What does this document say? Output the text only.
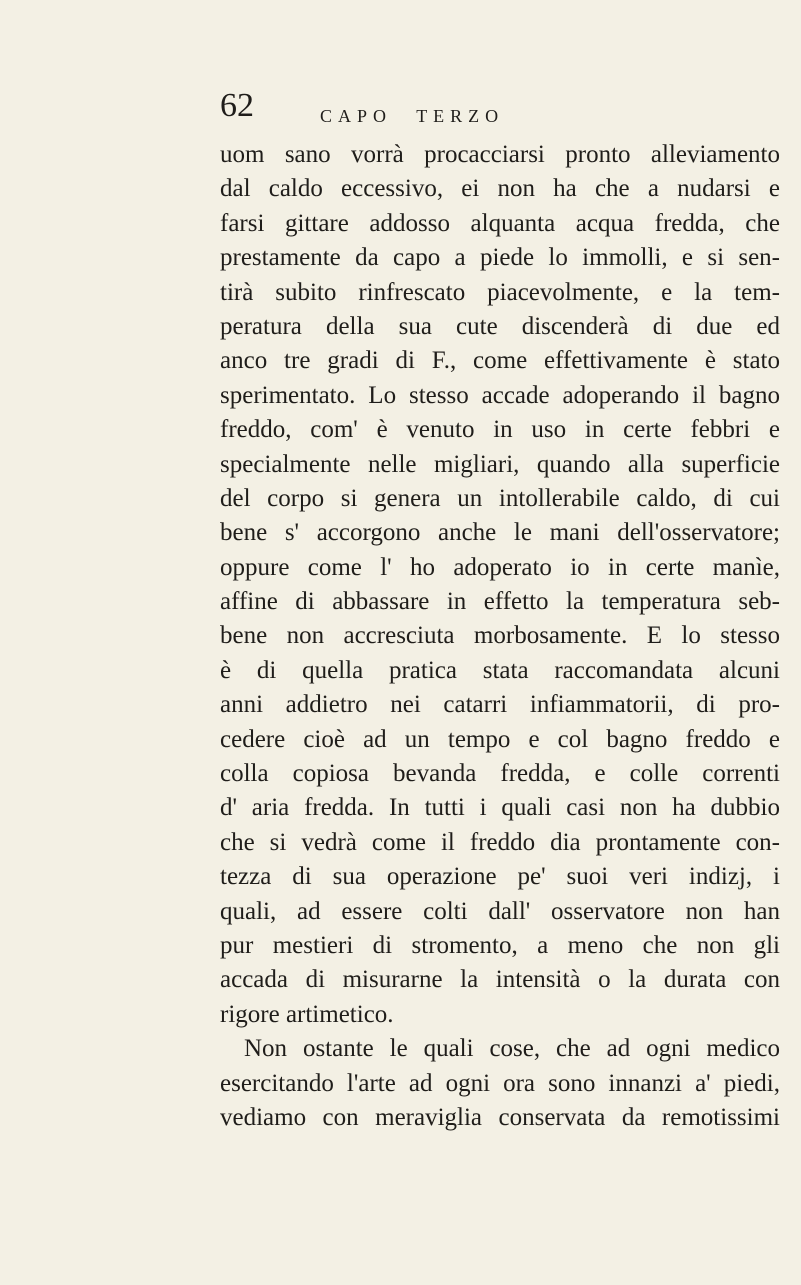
62	CAPO TERZO
uom sano vorrà procacciarsi pronto alleviamento
dal caldo eccessivo, ei non ha che a nudarsi e
farsi gittare addosso alquanta acqua fredda, che
prestamente da capo a piede lo immolli, e si sen-
tirà subito rinfrescato piacevolmente, e la tem-
peratura della sua cute discenderà di due ed
anco tre gradi di F., come effettivamente è stato
sperimentato. Lo stesso accade adoperando il bagno
freddo, com' è venuto in uso in certe febbri e
specialmente nelle migliari, quando alla superficie
del corpo si genera un intollerabile caldo, di cui
bene s' accorgono anche le mani dell'osservatore;
oppure come l' ho adoperato io in certe manìe,
affine di abbassare in effetto la temperatura seb-
bene non accresciuta morbosamente. E lo stesso
è di quella pratica stata raccomandata alcuni
anni addietro nei catarri infiammatorii, di pro-
cedere cioè ad un tempo e col bagno freddo e
colla copiosa bevanda fredda, e colle correnti
d' aria fredda. In tutti i quali casi non ha dubbio
che si vedrà come il freddo dia prontamente con-
tezza di sua operazione pe' suoi veri indizj, i
quali, ad essere colti dall' osservatore non han
pur mestieri di stromento, a meno che non gli
accada di misurarne la intensità o la durata con
rigore artimetico.
Non ostante le quali cose, che ad ogni medico
esercitando l'arte ad ogni ora sono innanzi a' piedi,
vediamo con meraviglia conservata da remotissimi
